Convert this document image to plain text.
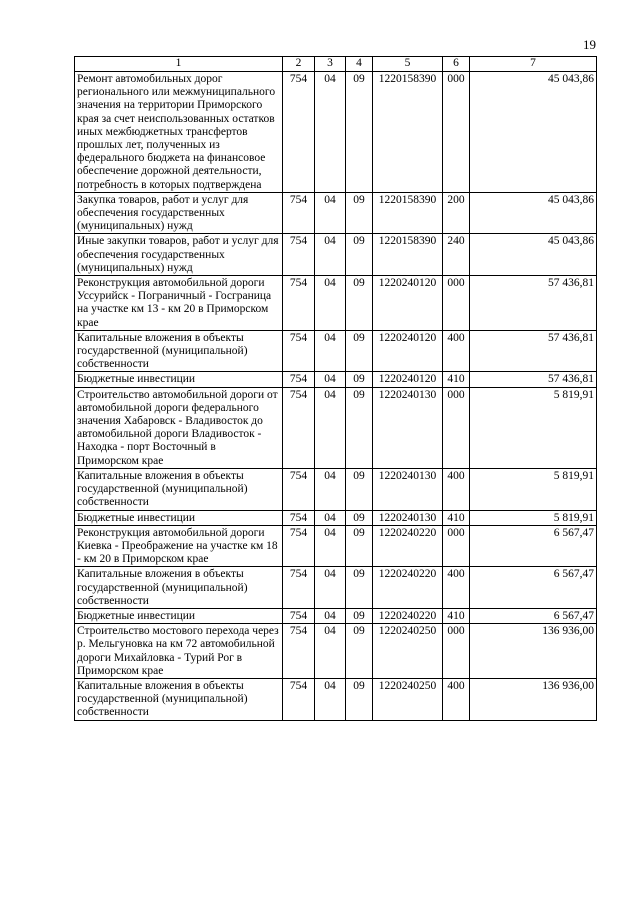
19
1	2	3	4	5	6	7
Ремонт автомобильных дорог регионального или межмуниципального значения на территории Приморского края за счет неиспользованных остатков иных межбюджетных трансфертов прошлых лет, полученных из федерального бюджета на финансовое обеспечение дорожной деятельности, потребность в которых подтверждена	754	04	09	1220158390	000	45 043,86
Закупка товаров, работ и услуг для обеспечения государственных (муниципальных) нужд	754	04	09	1220158390	200	45 043,86
Иные закупки товаров, работ и услуг для обеспечения государственных (муниципальных) нужд	754	04	09	1220158390	240	45 043,86
Реконструкция автомобильной дороги Уссурийск - Пограничный - Госграница на участке км 13 - км 20 в Приморском крае	754	04	09	1220240120	000	57 436,81
Капитальные вложения в объекты государственной (муниципальной) собственности	754	04	09	1220240120	400	57 436,81
Бюджетные инвестиции	754	04	09	1220240120	410	57 436,81
Строительство автомобильной дороги от автомобильной дороги федерального значения Хабаровск - Владивосток до автомобильной дороги Владивосток - Находка - порт Восточный в Приморском крае	754	04	09	1220240130	000	5 819,91
Капитальные вложения в объекты государственной (муниципальной) собственности	754	04	09	1220240130	400	5 819,91
Бюджетные инвестиции	754	04	09	1220240130	410	5 819,91
Реконструкция автомобильной дороги Киевка - Преображение на участке км 18 - км 20 в Приморском крае	754	04	09	1220240220	000	6 567,47
Капитальные вложения в объекты государственной (муниципальной) собственности	754	04	09	1220240220	400	6 567,47
Бюджетные инвестиции	754	04	09	1220240220	410	6 567,47
Строительство мостового перехода через р. Мельгуновка на км 72 автомобильной дороги Михайловка - Турий Рог в Приморском крае	754	04	09	1220240250	000	136 936,00
Капитальные вложения в объекты государственной (муниципальной) собственности	754	04	09	1220240250	400	136 936,00
